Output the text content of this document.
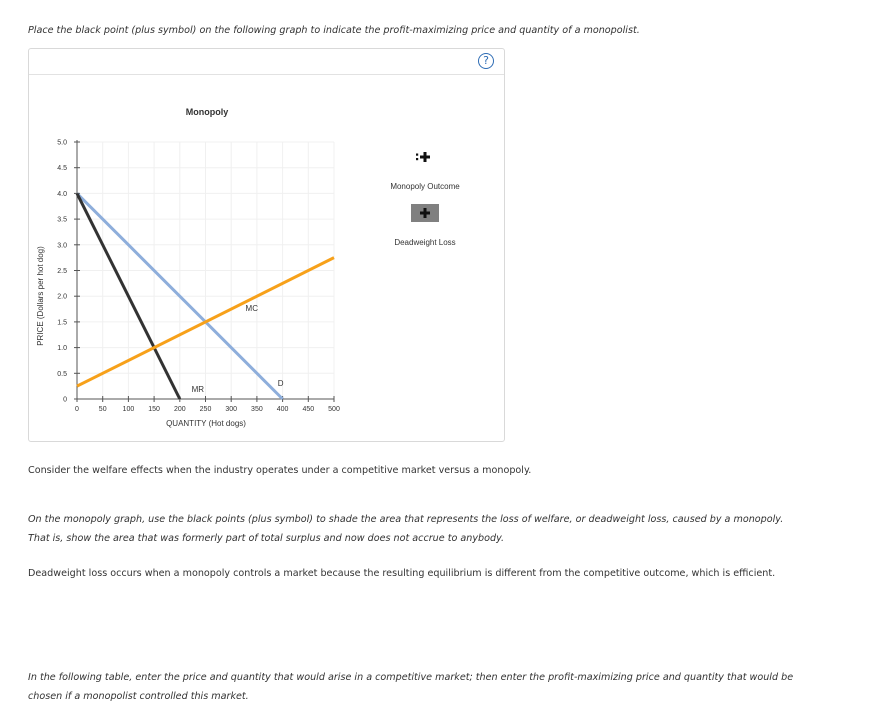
Place the black point (plus symbol) on the following graph to indicate the profit-maximizing price and quantity of a monopolist.

?
0	50 100 150 200 250 300 350 400 450 500
0
0.5
1.0
1.5
2.0
2.5
3.0
3.5
4.0
4.5
5.0
D
MR
MC
Monopoly
QUANTITY (Hot dogs)
PRICE (Dollars per hot dog)
Monopoly Outcome
Deadweight Loss

Consider the welfare effects when the industry operates under a competitive market versus a monopoly.

On the monopoly graph, use the black points (plus symbol) to shade the area that represents the loss of welfare, or deadweight loss, caused by a monopoly. That is, show the area that was formerly part of total surplus and now does not accrue to anybody.

Deadweight loss occurs when a monopoly controls a market because the resulting equilibrium is different from the competitive outcome, which is efficient.

In the following table, enter the price and quantity that would arise in a competitive market; then enter the profit-maximizing price and quantity that would be chosen if a monopolist controlled this market.
